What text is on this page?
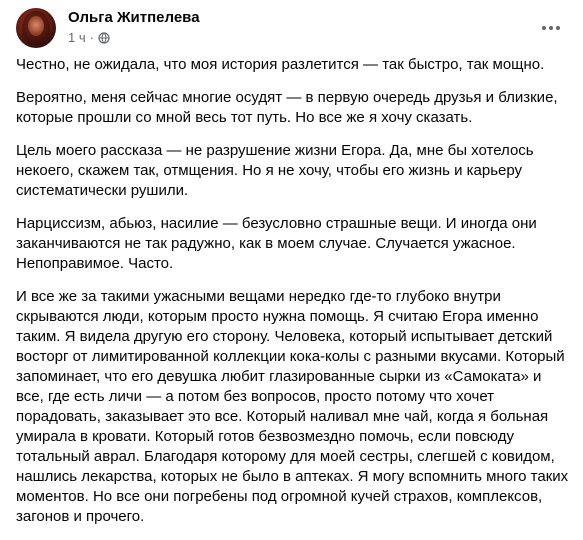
Ольга Житпелева
1 ч ·

Честно, не ожидала, что моя история разлетится — так быстро, так мощно.

Вероятно, меня сейчас многие осудят — в первую очередь друзья и близкие, которые прошли со мной весь тот путь. Но все же я хочу сказать.

Цель моего рассказа — не разрушение жизни Егора. Да, мне бы хотелось некоего, скажем так, отмщения. Но я не хочу, чтобы его жизнь и карьеру систематически рушили.

Нарциссизм, абьюз, насилие — безусловно страшные вещи. И иногда они заканчиваются не так радужно, как в моем случае. Случается ужасное. Непоправимое. Часто.

И все же за такими ужасными вещами нередко где-то глубоко внутри скрываются люди, которым просто нужна помощь. Я считаю Егора именно таким. Я видела другую его сторону. Человека, который испытывает детский восторг от лимитированной коллекции кока-колы с разными вкусами. Который запоминает, что его девушка любит глазированные сырки из «Самоката» и все, где есть личи — а потом без вопросов, просто потому что хочет порадовать, заказывает это все. Который наливал мне чай, когда я больная умирала в кровати. Который готов безвозмездно помочь, если повсюду тотальный аврал. Благодаря которому для моей сестры, слегшей с ковидом, нашлись лекарства, которых не было в аптеках. Я могу вспомнить много таких моментов. Но все они погребены под огромной кучей страхов, комплексов, загонов и прочего.
